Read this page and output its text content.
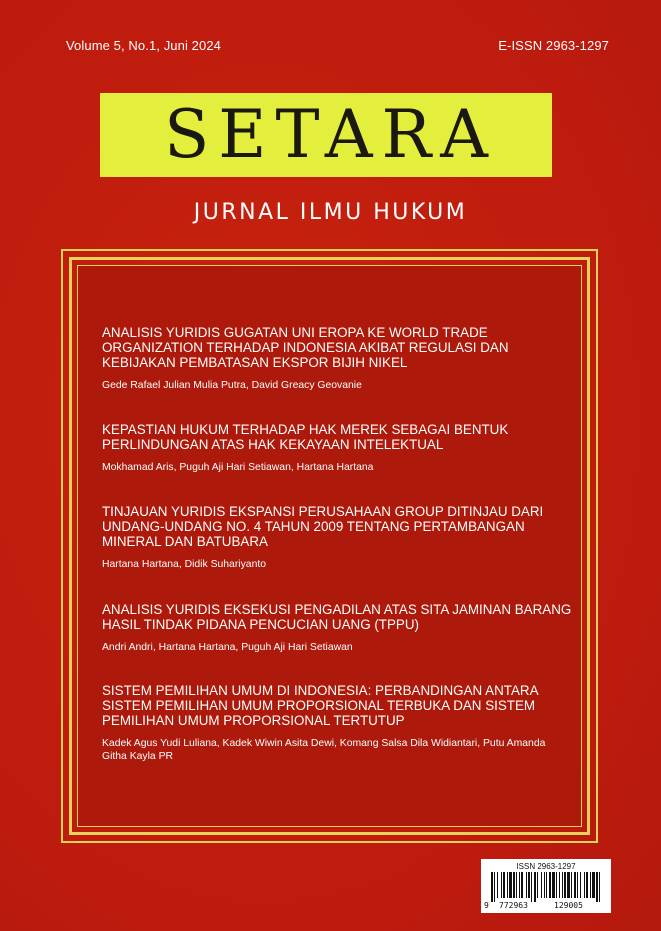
Volume 5, No.1, Juni 2024	E-ISSN 2963-1297
SETARA
JURNAL ILMU HUKUM
ANALISIS YURIDIS GUGATAN UNI EROPA KE WORLD TRADE ORGANIZATION TERHADAP INDONESIA AKIBAT REGULASI DAN KEBIJAKAN PEMBATASAN EKSPOR BIJIH NIKEL
Gede Rafael Julian Mulia Putra, David Greacy Geovanie
KEPASTIAN HUKUM TERHADAP HAK MEREK SEBAGAI BENTUK PERLINDUNGAN ATAS HAK KEKAYAAN INTELEKTUAL
Mokhamad Aris, Puguh Aji Hari Setiawan, Hartana Hartana
TINJAUAN YURIDIS EKSPANSI PERUSAHAAN GROUP DITINJAU DARI UNDANG-UNDANG NO. 4 TAHUN 2009 TENTANG PERTAMBANGAN MINERAL DAN BATUBARA
Hartana Hartana, Didik Suhariyanto
ANALISIS YURIDIS EKSEKUSI PENGADILAN ATAS SITA JAMINAN BARANG HASIL TINDAK PIDANA PENCUCIAN UANG (TPPU)
Andri Andri, Hartana Hartana, Puguh Aji Hari Setiawan
SISTEM PEMILIHAN UMUM DI INDONESIA: PERBANDINGAN ANTARA SISTEM PEMILIHAN UMUM PROPORSIONAL TERBUKA DAN SISTEM PEMILIHAN UMUM PROPORSIONAL TERTUTUP
Kadek Agus Yudi Luliana, Kadek Wiwin Asita Dewi, Komang Salsa Dila Widiantari, Putu Amanda Githa Kayla PR
ISSN 2963-1297
9 772963	129005
